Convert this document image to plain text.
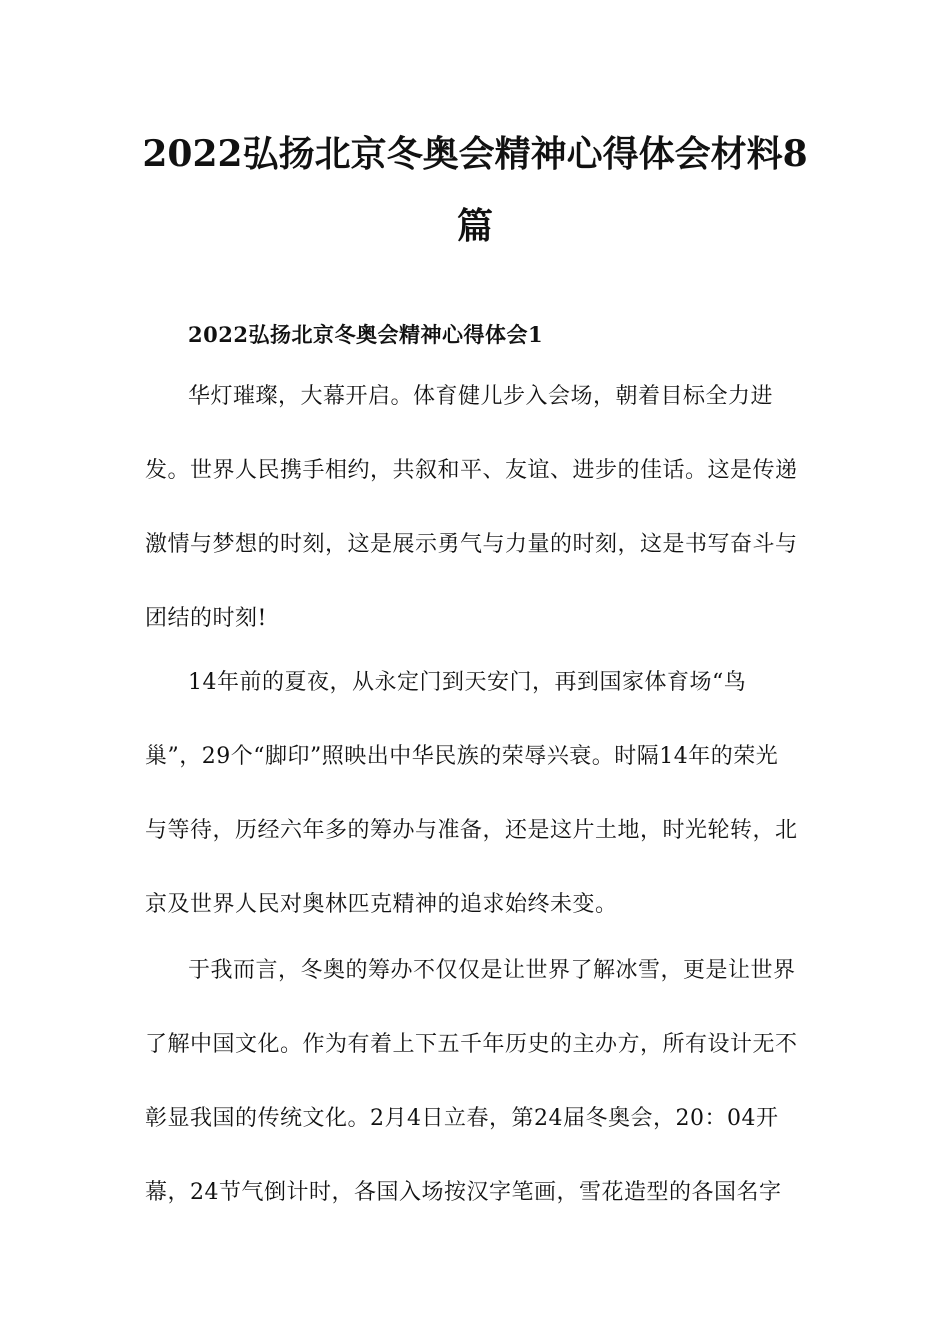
2022弘扬北京冬奥会精神心得体会材料8
篇
2022弘扬北京冬奥会精神心得体会1
华灯璀璨，大幕开启。体育健儿步入会场，朝着目标全力进
发。世界人民携手相约，共叙和平、友谊、进步的佳话。这是传递
激情与梦想的时刻，这是展示勇气与力量的时刻，这是书写奋斗与
团结的时刻!
14年前的夏夜，从永定门到天安门，再到国家体育场“鸟
巢”，29个“脚印”照映出中华民族的荣辱兴衰。时隔14年的荣光
与等待，历经六年多的筹办与准备，还是这片土地，时光轮转，北
京及世界人民对奥林匹克精神的追求始终未变。
于我而言，冬奥的筹办不仅仅是让世界了解冰雪，更是让世界
了解中国文化。作为有着上下五千年历史的主办方，所有设计无不
彰显我国的传统文化。2月4日立春，第24届冬奥会，20：04开
幕，24节气倒计时，各国入场按汉字笔画，雪花造型的各国名字
